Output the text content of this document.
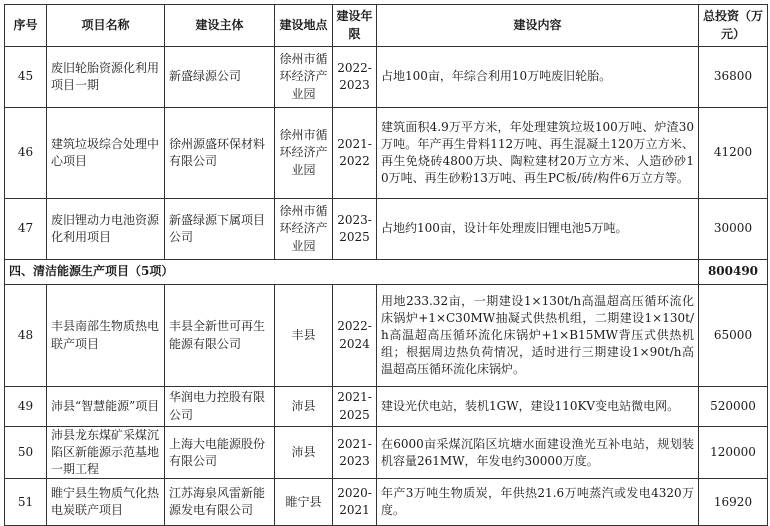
序号	项目名称	建设主体	建设地点	建设年限	建设内容	总投资（万元）
45	废旧轮胎资源化利用项目一期	新盛绿源公司	徐州市循环经济产业园	2022-2023	占地100亩，年综合利用10万吨废旧轮胎。	36800
46	建筑垃圾综合处理中心项目	徐州源盛环保材料有限公司	徐州市循环经济产业园	2021-2022	建筑面积4.9万平方米，年处理建筑垃圾100万吨、炉渣30万吨。年产再生骨料112万吨、再生混凝土120万立方米、再生免烧砖4800万块、陶粒建材20万立方米、人造砂砂10万吨、再生砂粉13万吨、再生PC板/砖/构件6万立方等。	41200
47	废旧锂动力电池资源化利用项目	新盛绿源下属项目公司	徐州市循环经济产业园	2023-2025	占地约100亩，设计年处理废旧锂电池5万吨。	30000
四、清洁能源生产项目（5项）						800490
48	丰县南部生物质热电联产项目	丰县全新世可再生能源有限公司	丰县	2022-2024	用地233.32亩，一期建设1×130t/h高温超高压循环流化床锅炉+1×C30MW抽凝式供热机组，二期建设1×130t/h高温超高压循环流化床锅炉+1×B15MW背压式供热机组；根据周边热负荷情况，适时进行三期建设1×90t/h高温超高压循环流化床锅炉。	65000
49	沛县“智慧能源”项目	华润电力控股有限公司	沛县	2021-2025	建设光伏电站，装机1GW，建设110KV变电站微电网。	520000
50	沛县龙东煤矿采煤沉陷区新能源示范基地一期工程	上海大电能源股份有限公司	沛县	2021-2023	在6000亩采煤沉陷区坑塘水面建设渔光互补电站，规划装机容量261MW，年发电约30000万度。	120000
51	睢宁县生物质气化热电炭联产项目	江苏海泉风雷新能源发电有限公司	睢宁县	2020-2021	年产3万吨生物质炭，年供热21.6万吨蒸汽或发电4320万度。	16920
